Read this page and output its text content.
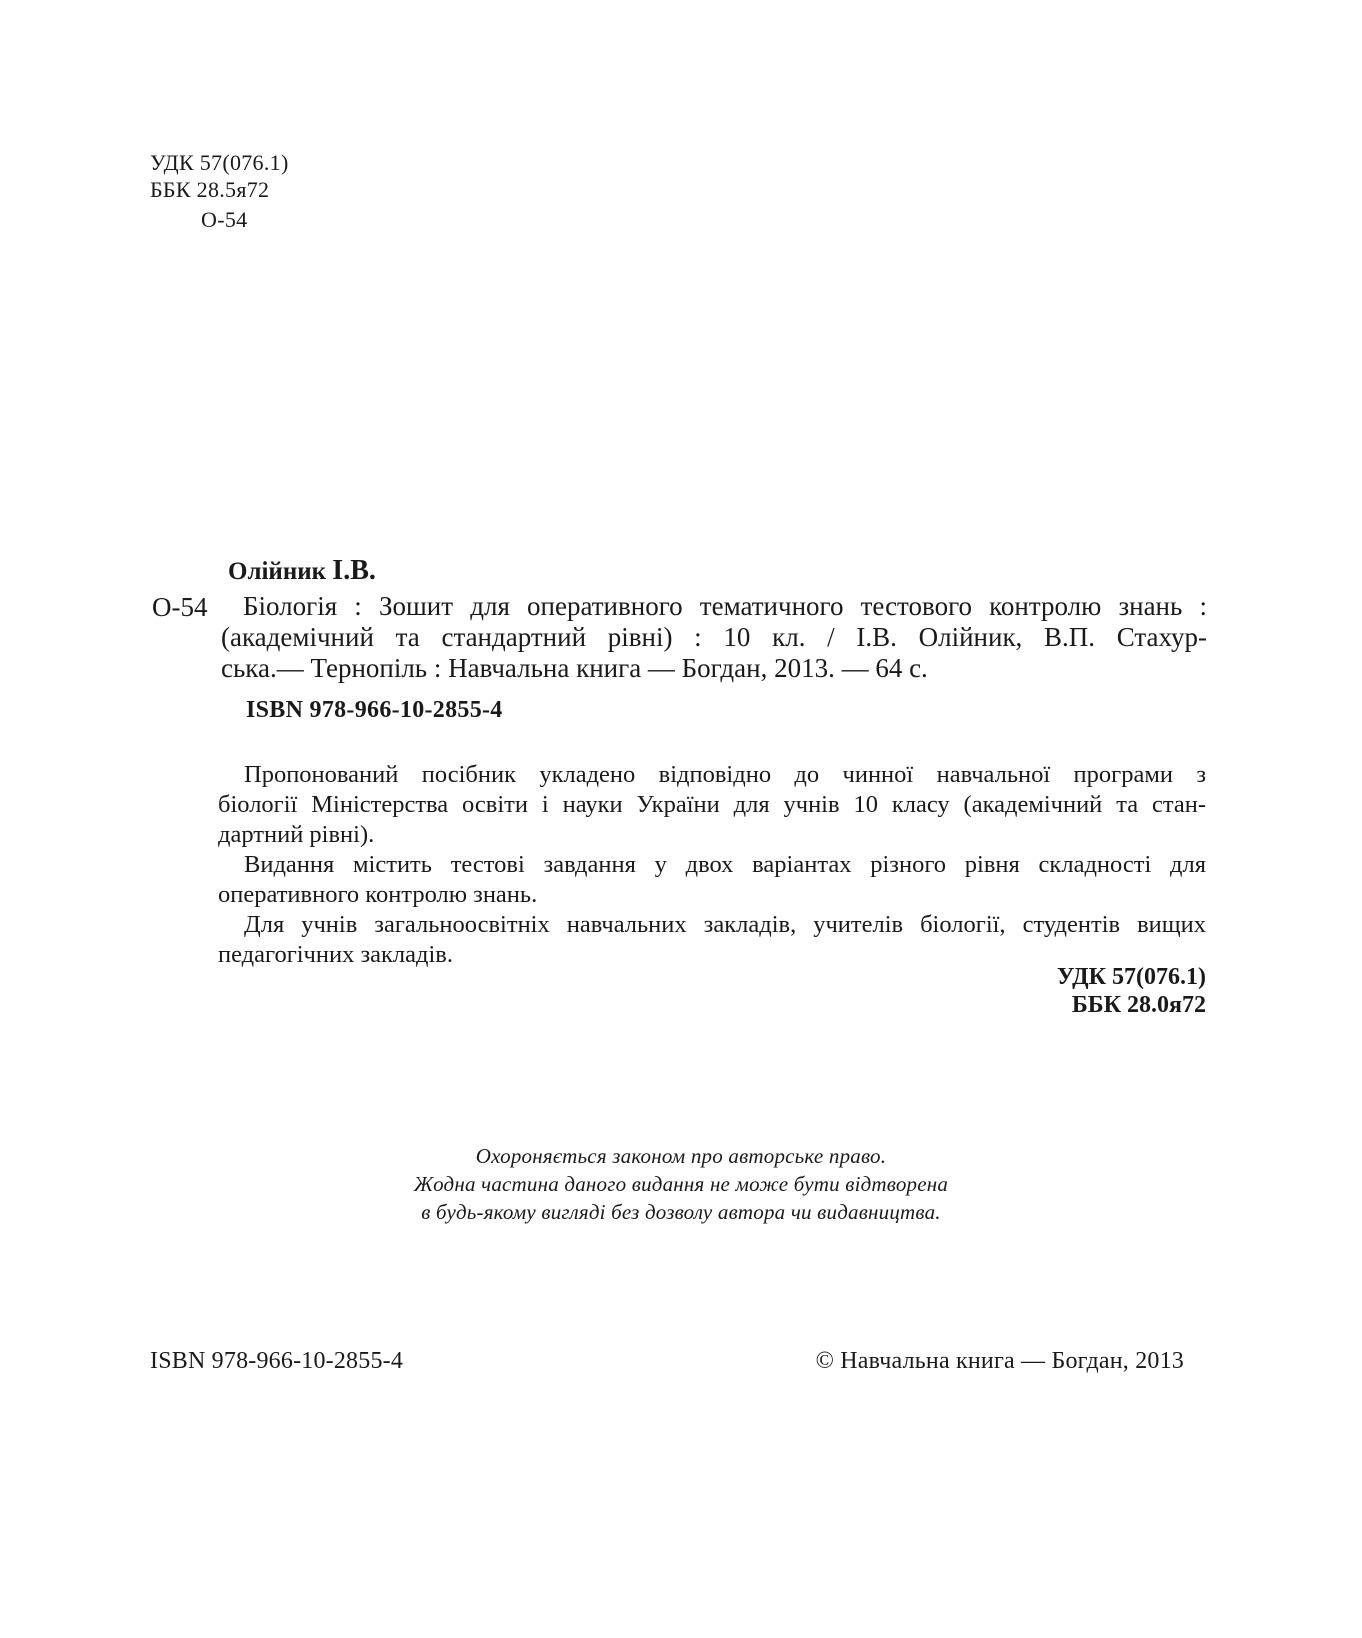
УДК 57(076.1)
ББК 28.5я72
О-54
Олійник І.В.
О-54 Біологія : Зошит для оперативного тематичного тестового контролю знань :
(академічний та стандартний рівні) : 10 кл. / І.В. Олійник, В.П. Стахур-
ська.— Тернопіль : Навчальна книга — Богдан, 2013. — 64 с.
ISBN 978-966-10-2855-4
Пропонований посібник укладено відповідно до чинної навчальної програми з
біології Міністерства освіти і науки України для учнів 10 класу (академічний та стан-
дартний рівні).
Видання містить тестові завдання у двох варіантах різного рівня складності для
оперативного контролю знань.
Для учнів загальноосвітніх навчальних закладів, учителів біології, студентів вищих
педагогічних закладів.
УДК 57(076.1)
ББК 28.0я72
Охороняється законом про авторське право.
Жодна частина даного видання не може бути відтворена
в будь-якому вигляді без дозволу автора чи видавництва.
ISBN 978-966-10-2855-4	© Навчальна книга — Богдан, 2013
